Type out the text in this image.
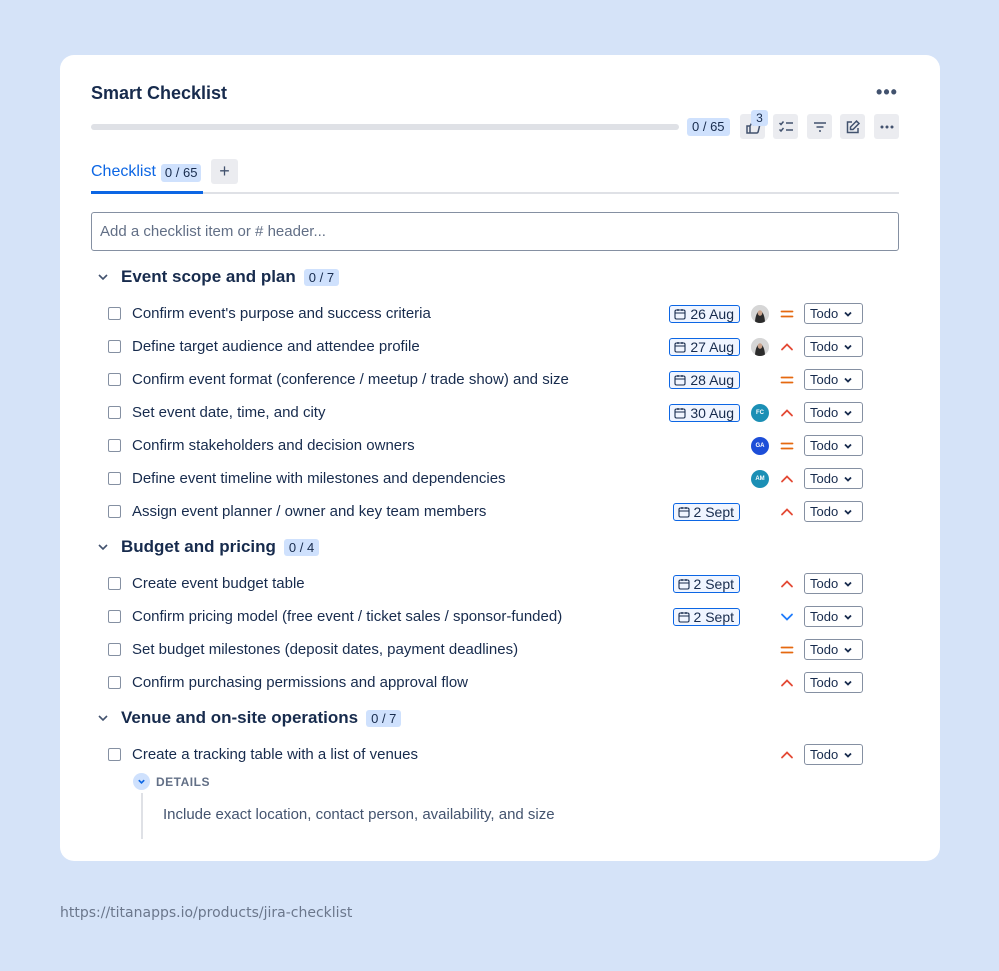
Smart Checklist	•••
0 / 65
3
Checklist 0 / 65 +
Add a checklist item or # header...
Event scope and plan	0 / 7
Confirm event's purpose and success criteria	26 Aug	Todo
Define target audience and attendee profile	27 Aug	Todo
Confirm event format (conference / meetup / trade show) and size	28 Aug	Todo
Set event date, time, and city	30 Aug	FC	Todo
Confirm stakeholders and decision owners	GA	Todo
Define event timeline with milestones and dependencies	AM	Todo
Assign event planner / owner and key team members	2 Sept	Todo
Budget and pricing	0 / 4
Create event budget table	2 Sept	Todo
Confirm pricing model (free event / ticket sales / sponsor-funded)	2 Sept	Todo
Set budget milestones (deposit dates, payment deadlines)	Todo
Confirm purchasing permissions and approval flow	Todo
Venue and on-site operations	0 / 7
Create a tracking table with a list of venues	Todo
DETAILS
Include exact location, contact person, availability, and size
https://titanapps.io/products/jira-checklist
